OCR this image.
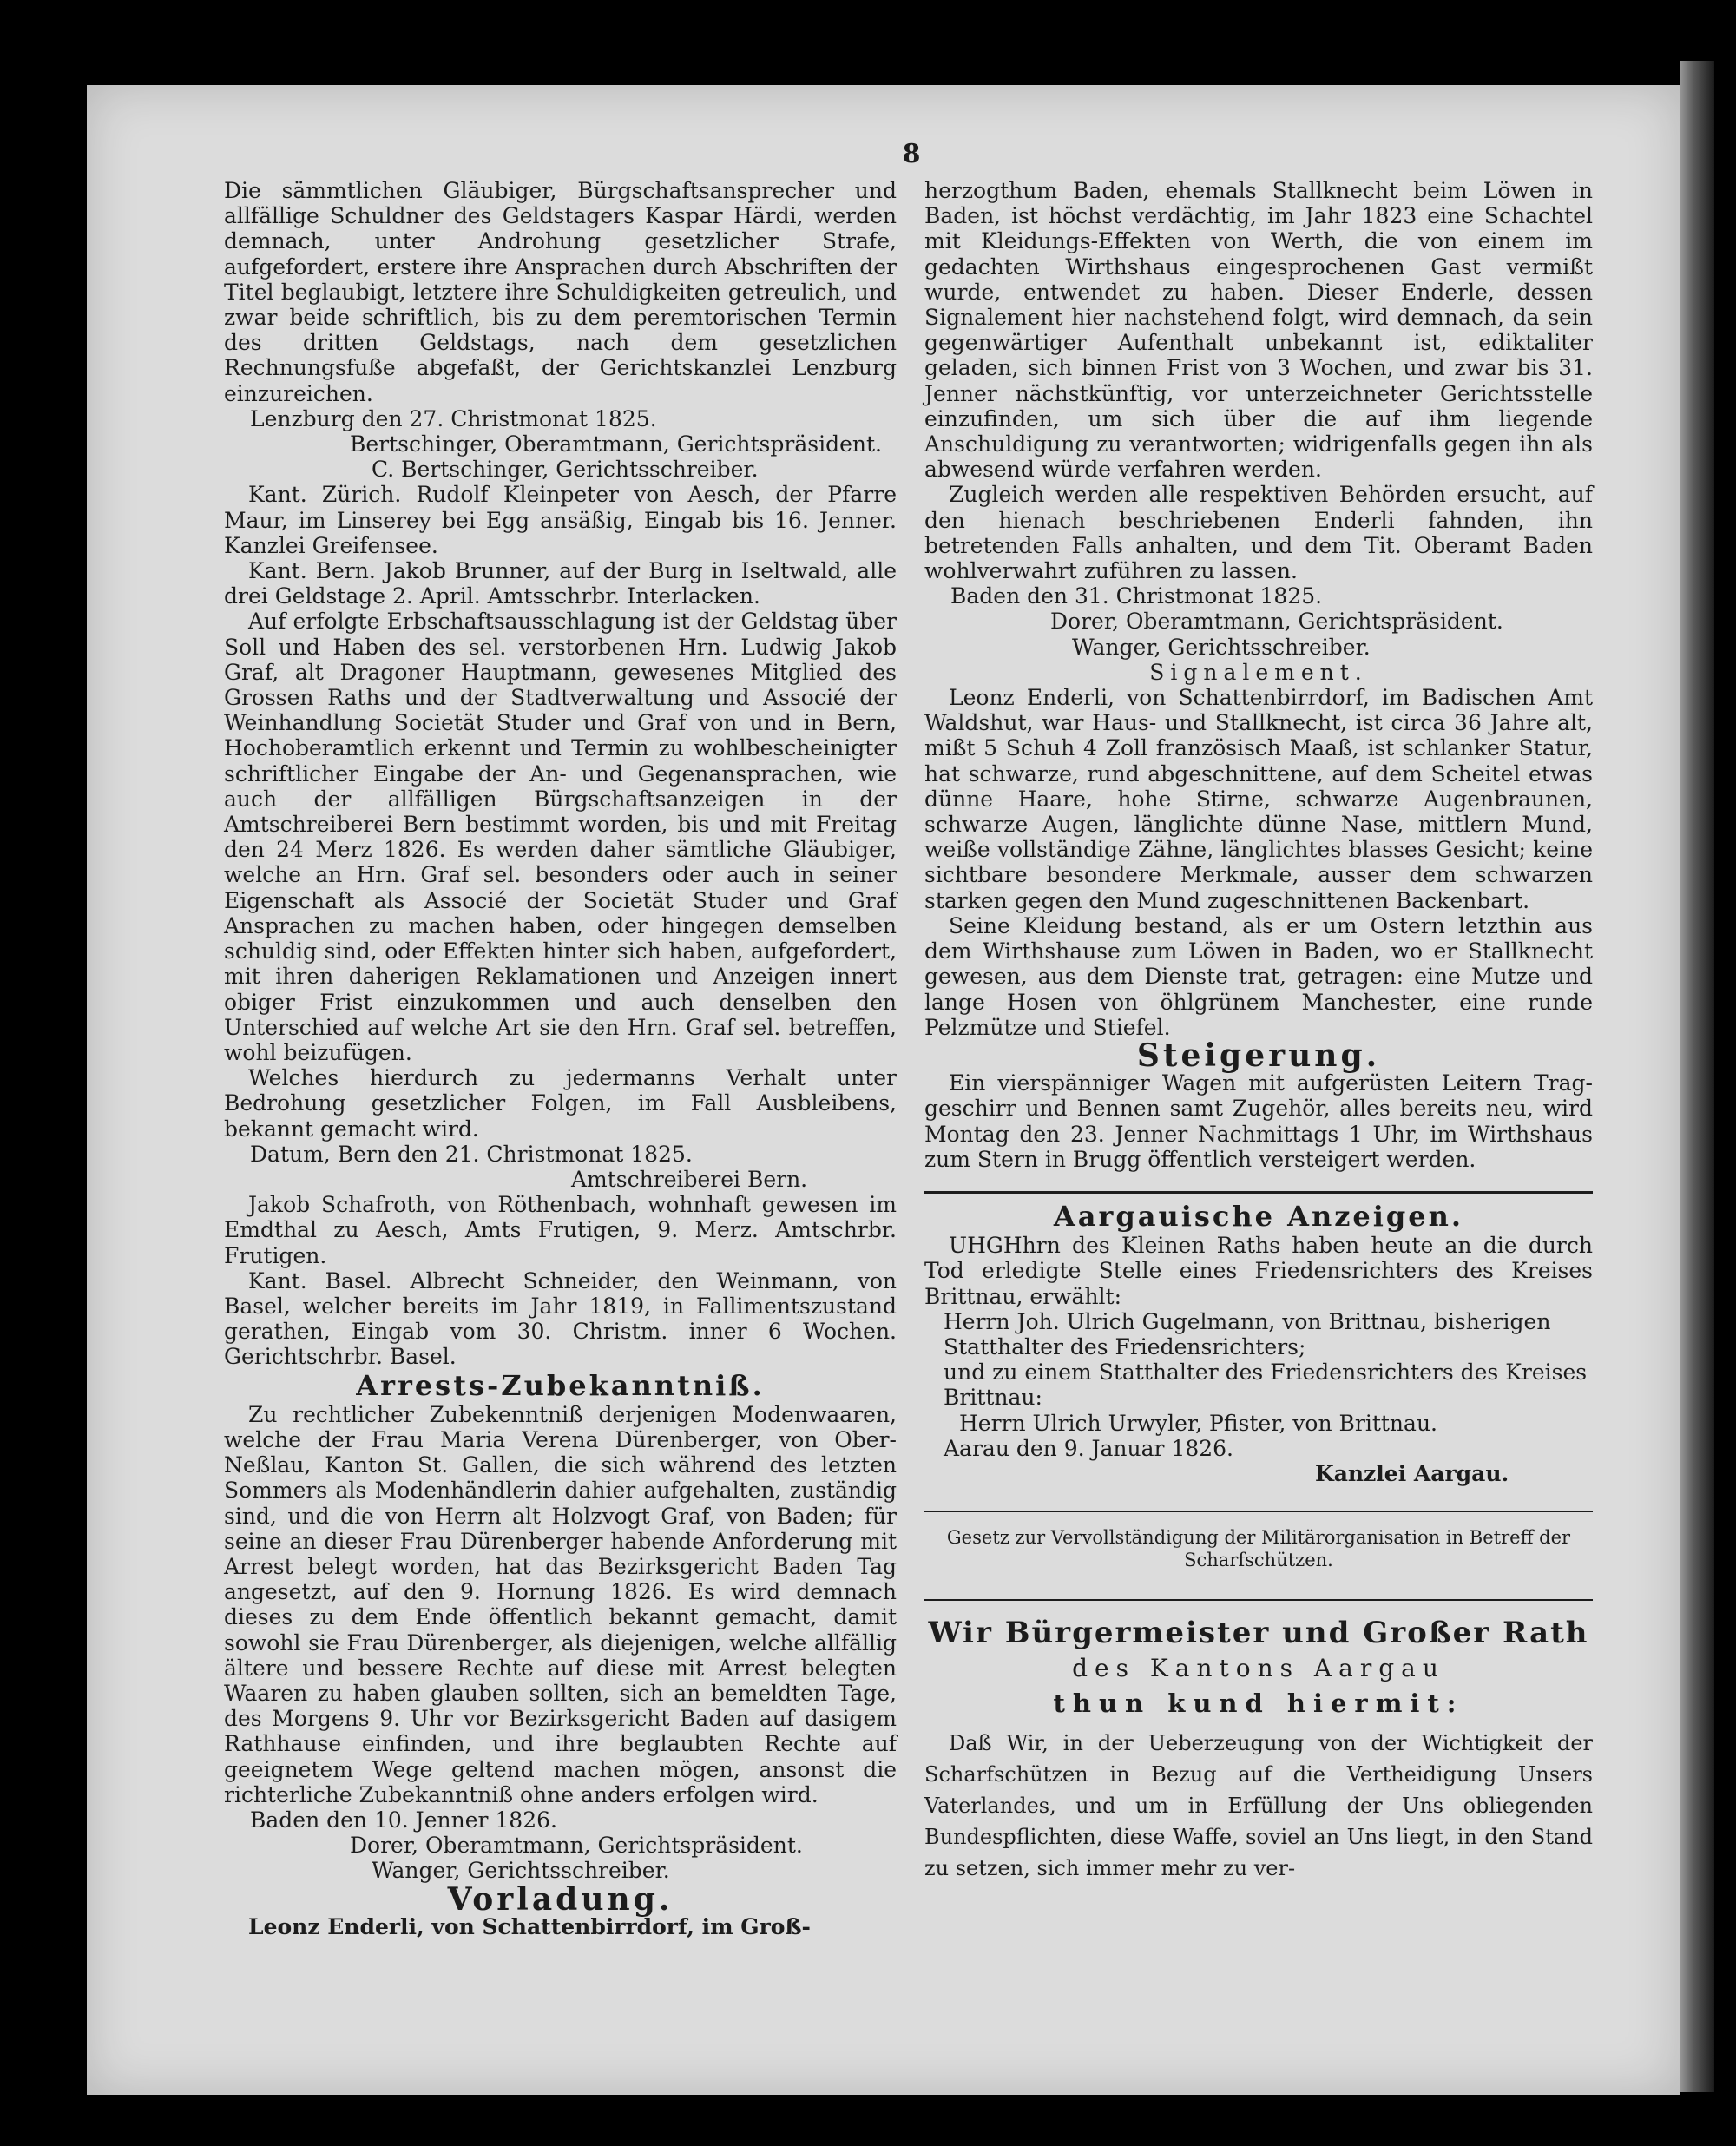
8

Die sämmtlichen Gläubiger, Bürgschaftsansprecher und allfällige Schuldner des Geldstagers Kaspar Härdi, werden demnach, unter Androhung gesetzlicher Strafe, aufgefordert, erstere ihre Ansprachen durch Abschriften der Titel beglaubigt, letztere ihre Schuldigkeiten getreulich, und zwar beide schriftlich, bis zu dem peremtorischen Termin des dritten Geldstags, nach dem gesetzlichen Rechnungsfuße abgefaßt, der Gerichtskanzlei Lenzburg einzureichen.

Lenzburg den 27. Christmonat 1825.

Bertschinger, Oberamtmann, Gerichtspräsident.

C. Bertschinger, Gerichtsschreiber.

Kant. Zürich. Rudolf Kleinpeter von Aesch, der Pfarre Maur, im Linserey bei Egg ansäßig, Eingab bis 16. Jenner. Kanzlei Greifensee.

Kant. Bern. Jakob Brunner, auf der Burg in Iseltwald, alle drei Geldstage 2. April. Amtsschrbr. Interlacken.

Auf erfolgte Erbschaftsausschlagung ist der Geldstag über Soll und Haben des sel. verstorbenen Hrn. Ludwig Jakob Graf, alt Dragoner Hauptmann, gewesenes Mitglied des Grossen Raths und der Stadtverwaltung und Associé der Weinhandlung Societät Studer und Graf von und in Bern, Hochoberamtlich erkennt und Termin zu wohlbescheinigter schriftlicher Eingabe der An- und Gegenansprachen, wie auch der allfälligen Bürgschaftsanzeigen in der Amtschreiberei Bern bestimmt worden, bis und mit Freitag den 24 Merz 1826. Es werden daher sämtliche Gläubiger, welche an Hrn. Graf sel. besonders oder auch in seiner Eigenschaft als Associé der Societät Studer und Graf Ansprachen zu machen haben, oder hingegen demselben schuldig sind, oder Effekten hinter sich haben, aufgefordert, mit ihren daherigen Reklamationen und Anzeigen innert obiger Frist einzukommen und auch denselben den Unterschied auf welche Art sie den Hrn. Graf sel. betreffen, wohl beizufügen.

Welches hierdurch zu jedermanns Verhalt unter Bedrohung gesetzlicher Folgen, im Fall Ausbleibens, bekannt gemacht wird.

Datum, Bern den 21. Christmonat 1825.

Amtschreiberei Bern.

Jakob Schafroth, von Röthenbach, wohnhaft gewesen im Emdthal zu Aesch, Amts Frutigen, 9. Merz. Amtschrbr. Frutigen.

Kant. Basel. Albrecht Schneider, den Weinmann, von Basel, welcher bereits im Jahr 1819, in Fallimentszustand gerathen, Eingab vom 30. Christm. inner 6 Wochen. Gerichtschrbr. Basel.

Arrests-Zubekanntniß.

Zu rechtlicher Zubekenntniß derjenigen Modenwaaren, welche der Frau Maria Verena Dürenberger, von Ober-Neßlau, Kanton St. Gallen, die sich während des letzten Sommers als Modenhändlerin dahier aufgehalten, zuständig sind, und die von Herrn alt Holzvogt Graf, von Baden; für seine an dieser Frau Dürenberger habende Anforderung mit Arrest belegt worden, hat das Bezirksgericht Baden Tag angesetzt, auf den 9. Hornung 1826. Es wird demnach dieses zu dem Ende öffentlich bekannt gemacht, damit sowohl sie Frau Dürenberger, als diejenigen, welche allfällig ältere und bessere Rechte auf diese mit Arrest belegten Waaren zu haben glauben sollten, sich an bemeldten Tage, des Morgens 9. Uhr vor Bezirksgericht Baden auf dasigem Rathhause einfinden, und ihre beglaubten Rechte auf geeignetem Wege geltend machen mögen, ansonst die richterliche Zubekanntniß ohne anders erfolgen wird.

Baden den 10. Jenner 1826.

Dorer, Oberamtmann, Gerichtspräsident.

Wanger, Gerichtsschreiber.

Vorladung.

Leonz Enderli, von Schattenbirrdorf, im Groß-

herzogthum Baden, ehemals Stallknecht beim Löwen in Baden, ist höchst verdächtig, im Jahr 1823 eine Schachtel mit Kleidungs-Effekten von Werth, die von einem im gedachten Wirthshaus eingesprochenen Gast vermißt wurde, entwendet zu haben. Dieser Enderle, dessen Signalement hier nachstehend folgt, wird demnach, da sein gegenwärtiger Aufenthalt unbekannt ist, ediktaliter geladen, sich binnen Frist von 3 Wochen, und zwar bis 31. Jenner nächstkünftig, vor unterzeichneter Gerichtsstelle einzufinden, um sich über die auf ihm liegende Anschuldigung zu verantworten; widrigenfalls gegen ihn als abwesend würde verfahren werden.

Zugleich werden alle respektiven Behörden ersucht, auf den hienach beschriebenen Enderli fahnden, ihn betretenden Falls anhalten, und dem Tit. Oberamt Baden wohlverwahrt zuführen zu lassen.

Baden den 31. Christmonat 1825.

Dorer, Oberamtmann, Gerichtspräsident.

Wanger, Gerichtsschreiber.

Signalement.

Leonz Enderli, von Schattenbirrdorf, im Badischen Amt Waldshut, war Haus- und Stallknecht, ist circa 36 Jahre alt, mißt 5 Schuh 4 Zoll französisch Maaß, ist schlanker Statur, hat schwarze, rund abgeschnittene, auf dem Scheitel etwas dünne Haare, hohe Stirne, schwarze Augenbraunen, schwarze Augen, länglichte dünne Nase, mittlern Mund, weiße vollständige Zähne, länglichtes blasses Gesicht; keine sichtbare besondere Merkmale, ausser dem schwarzen starken gegen den Mund zugeschnittenen Backenbart.

Seine Kleidung bestand, als er um Ostern letzthin aus dem Wirthshause zum Löwen in Baden, wo er Stallknecht gewesen, aus dem Dienste trat, getragen: eine Mutze und lange Hosen von öhlgrünem Manchester, eine runde Pelzmütze und Stiefel.

Steigerung.

Ein vierspänniger Wagen mit aufgerüsten Leitern Trag-geschirr und Bennen samt Zugehör, alles bereits neu, wird Montag den 23. Jenner Nachmittags 1 Uhr, im Wirthshaus zum Stern in Brugg öffentlich versteigert werden.

Aargauische Anzeigen.

UHGHhrn des Kleinen Raths haben heute an die durch Tod erledigte Stelle eines Friedensrichters des Kreises Brittnau, erwählt:

Herrn Joh. Ulrich Gugelmann, von Brittnau, bisherigen Statthalter des Friedensrichters;

und zu einem Statthalter des Friedensrichters des Kreises Brittnau:

Herrn Ulrich Urwyler, Pfister, von Brittnau.

Aarau den 9. Januar 1826.

Kanzlei Aargau.

Gesetz zur Vervollständigung der Militärorganisation in Betreff der Scharfschützen.

Wir Bürgermeister und Großer Rath

des Kantons Aargau

thun kund hiermit:

Daß Wir, in der Ueberzeugung von der Wichtigkeit der Scharfschützen in Bezug auf die Vertheidigung Unsers Vaterlandes, und um in Erfüllung der Uns obliegenden Bundespflichten, diese Waffe, soviel an Uns liegt, in den Stand zu setzen, sich immer mehr zu ver-
